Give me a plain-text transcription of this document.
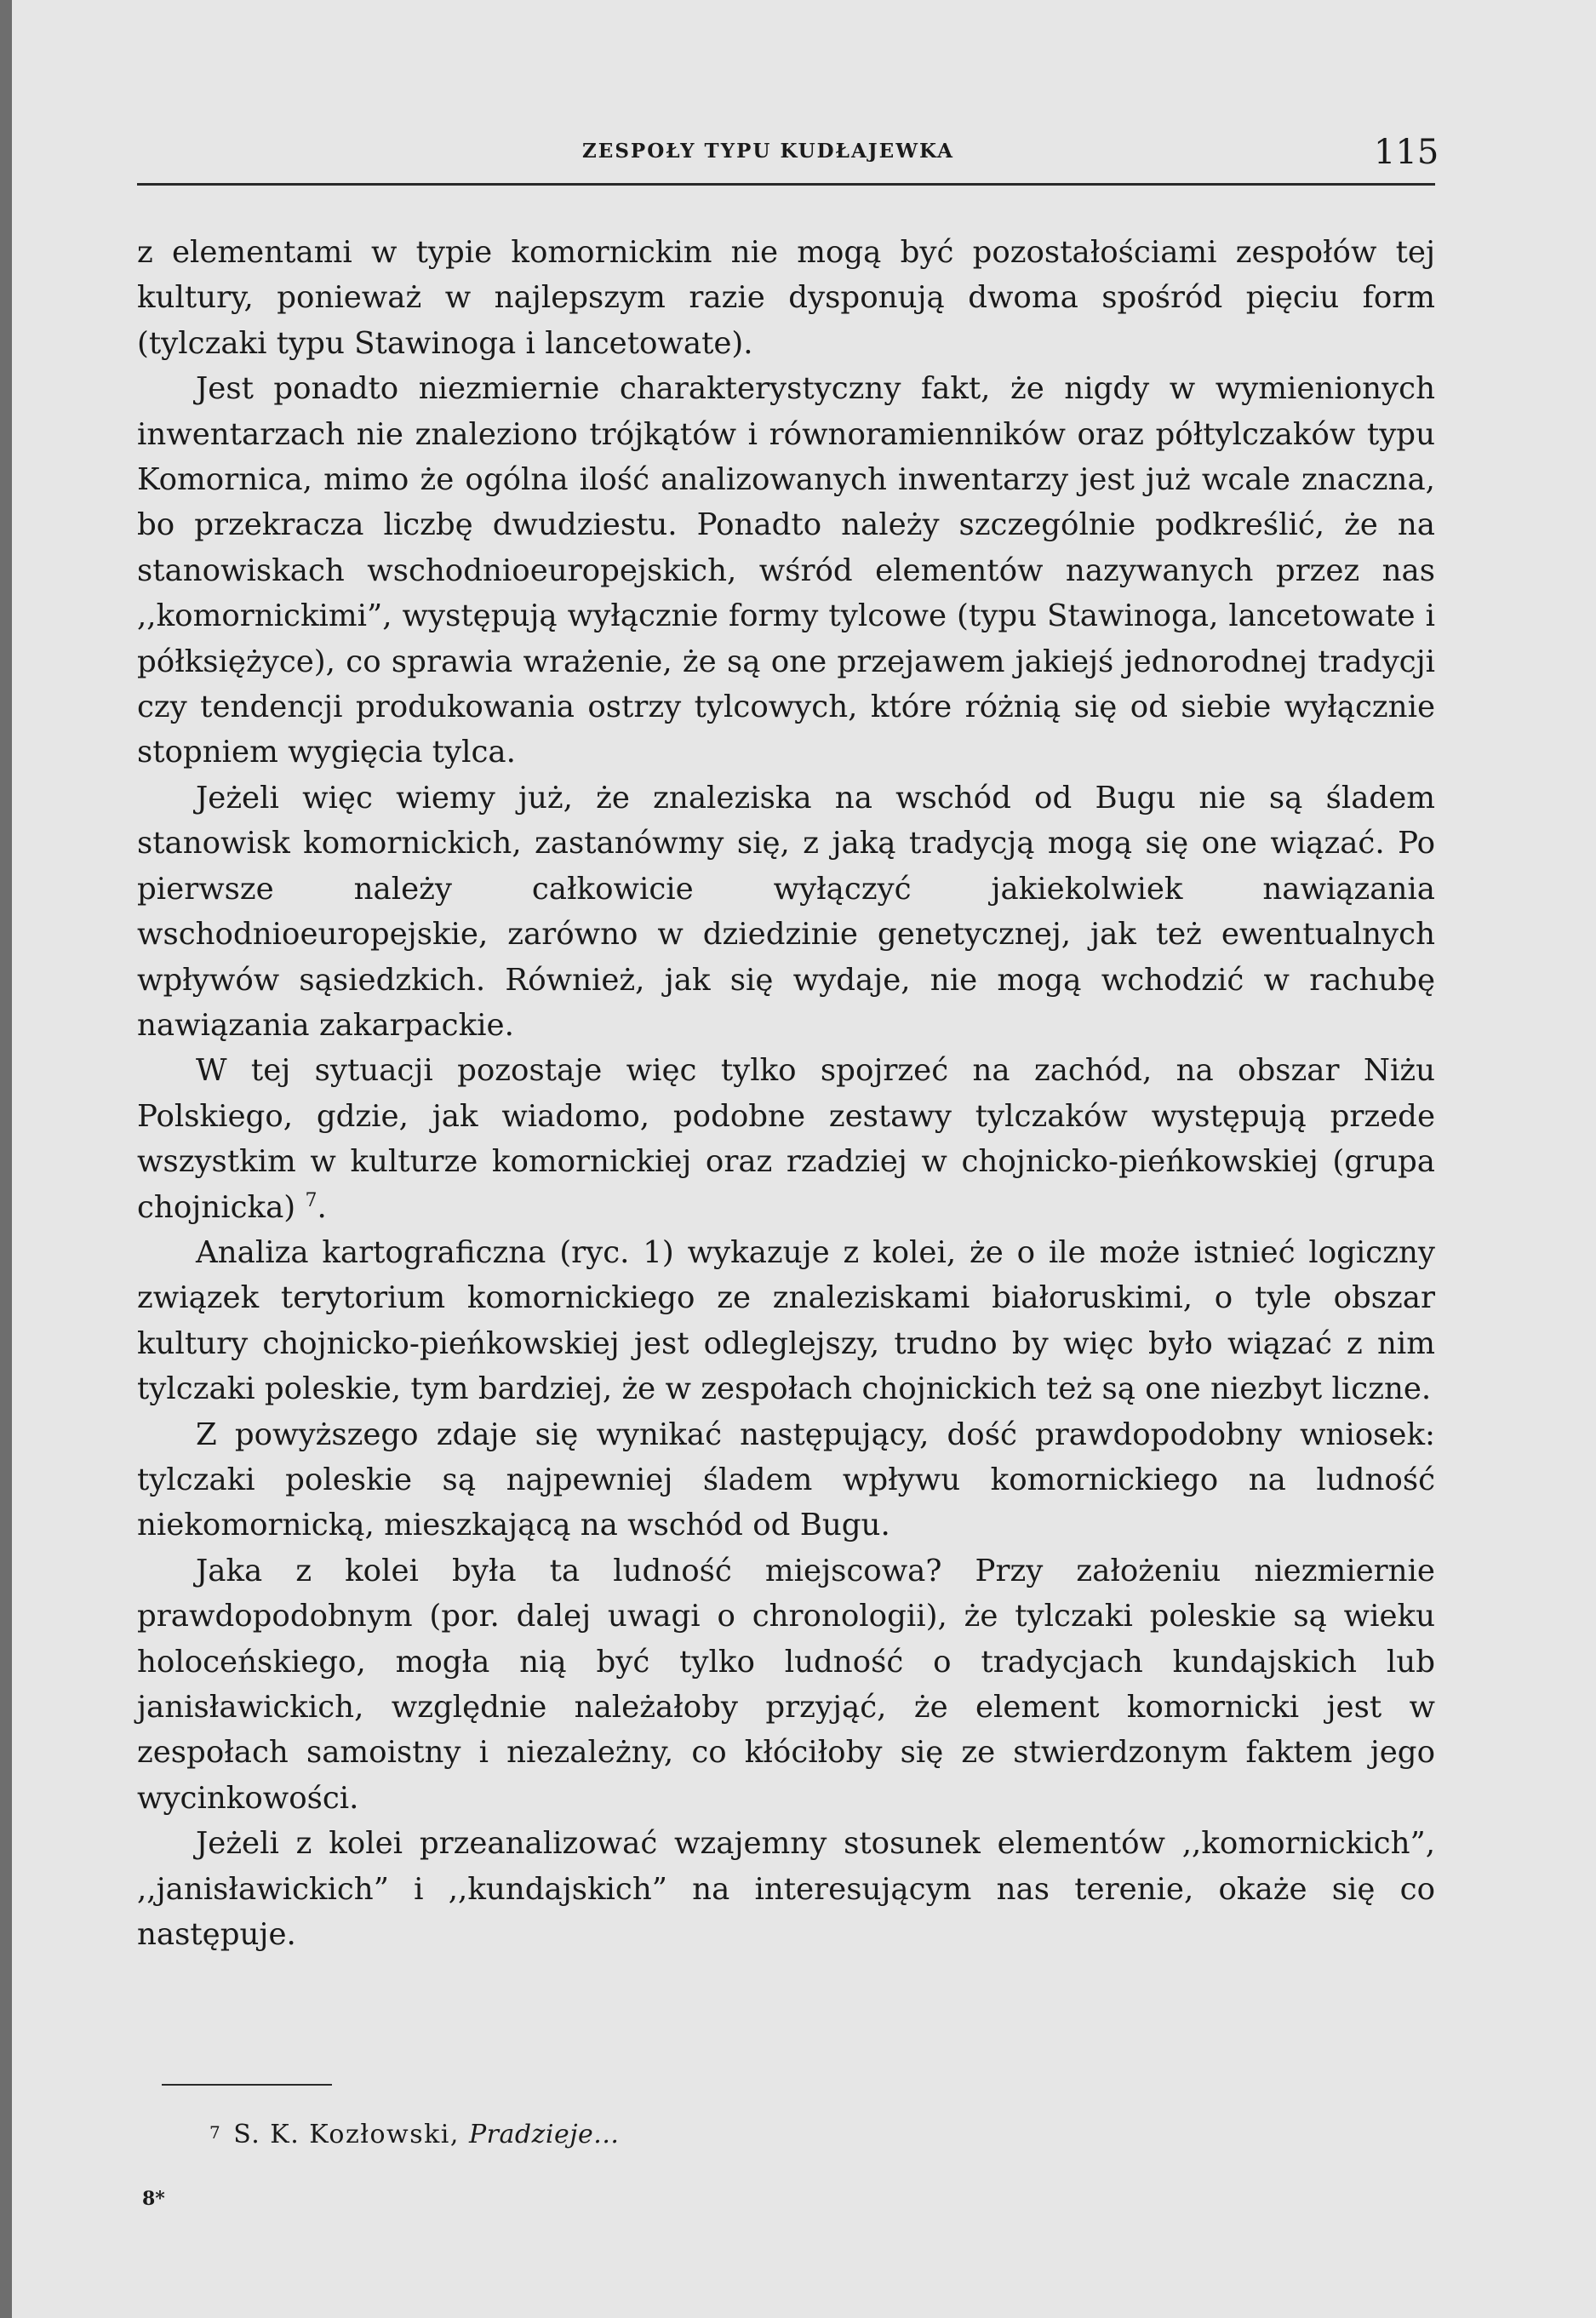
ZESPOŁY TYPU KUDŁAJEWKA	115

z elementami w typie komornickim nie mogą być pozostałościami zespołów tej kultury, ponieważ w najlepszym razie dysponują dwoma spośród pięciu form (tylczaki typu Stawinoga i lancetowate).

Jest ponadto niezmiernie charakterystyczny fakt, że nigdy w wymienionych inwentarzach nie znaleziono trójkątów i równoramienników oraz półtylczaków typu Komornica, mimo że ogólna ilość analizowanych inwentarzy jest już wcale znaczna, bo przekracza liczbę dwudziestu. Ponadto należy szczególnie podkreślić, że na stanowiskach wschodnioeuropejskich, wśród elementów nazywanych przez nas ,,komornickimi”, występują wyłącznie formy tylcowe (typu Stawinoga, lancetowate i półksiężyce), co sprawia wrażenie, że są one przejawem jakiejś jednorodnej tradycji czy tendencji produkowania ostrzy tylcowych, które różnią się od siebie wyłącznie stopniem wygięcia tylca.

Jeżeli więc wiemy już, że znaleziska na wschód od Bugu nie są śladem stanowisk komornickich, zastanówmy się, z jaką tradycją mogą się one wiązać. Po pierwsze należy całkowicie wyłączyć jakiekolwiek nawiązania wschodnioeuropejskie, zarówno w dziedzinie genetycznej, jak też ewentualnych wpływów sąsiedzkich. Również, jak się wydaje, nie mogą wchodzić w rachubę nawiązania zakarpackie.

W tej sytuacji pozostaje więc tylko spojrzeć na zachód, na obszar Niżu Polskiego, gdzie, jak wiadomo, podobne zestawy tylczaków występują przede wszystkim w kulturze komornickiej oraz rzadziej w chojnicko-pieńkowskiej (grupa chojnicka) $^7$.

Analiza kartograficzna (ryc. 1) wykazuje z kolei, że o ile może istnieć logiczny związek terytorium komornickiego ze znaleziskami białoruskimi, o tyle obszar kultury chojnicko-pieńkowskiej jest odleglejszy, trudno by więc było wiązać z nim tylczaki poleskie, tym bardziej, że w zespołach chojnickich też są one niezbyt liczne.

Z powyższego zdaje się wynikać następujący, dość prawdopodobny wniosek: tylczaki poleskie są najpewniej śladem wpływu komornickiego na ludność niekomornicką, mieszkającą na wschód od Bugu.

Jaka z kolei była ta ludność miejscowa? Przy założeniu niezmiernie prawdopodobnym (por. dalej uwagi o chronologii), że tylczaki poleskie są wieku holoceńskiego, mogła nią być tylko ludność o tradycjach kundajskich lub janisławickich, względnie należałoby przyjąć, że element komornicki jest w zespołach samoistny i niezależny, co kłóciłoby się ze stwierdzonym faktem jego wycinkowości.

Jeżeli z kolei przeanalizować wzajemny stosunek elementów ,,komornickich”, ,,janisławickich” i ,,kundajskich” na interesującym nas terenie, okaże się co następuje.

$^7$ S. K. Kozłowski, Pradzieje...
8*
